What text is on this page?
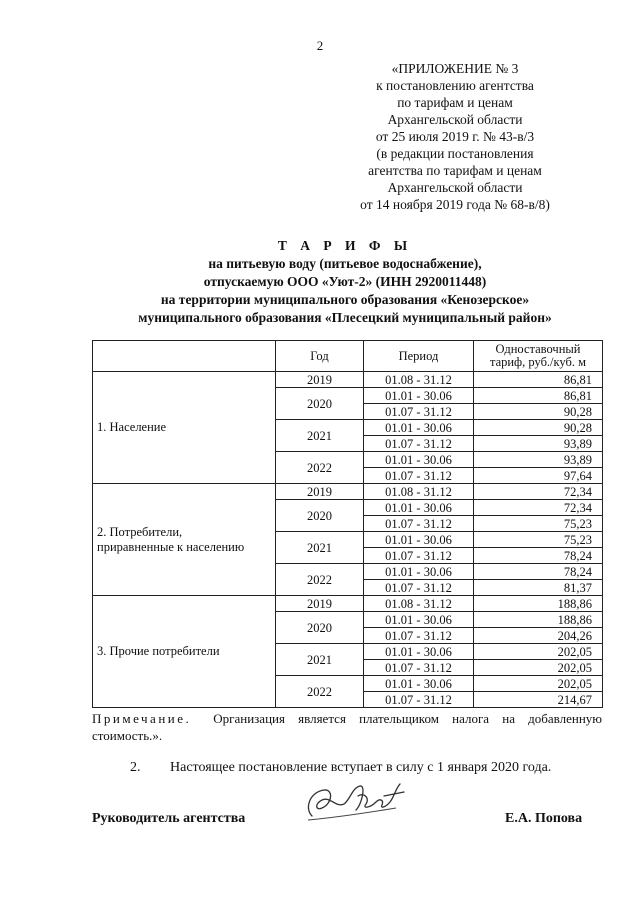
2
«ПРИЛОЖЕНИЕ № 3
к постановлению агентства
по тарифам и ценам
Архангельской области
от 25 июля 2019 г. № 43-в/3
(в редакции постановления
агентства по тарифам и ценам
Архангельской области
от 14 ноября 2019 года № 68-в/8)
Т А Р И Ф Ы
на питьевую воду (питьевое водоснабжение),
отпускаемую ООО «Уют-2» (ИНН 2920011448)
на территории муниципального образования «Кенозерское»
муниципального образования «Плесецкий муниципальный район»
	Год	Период	Одноставочный
тариф, руб./куб. м

1. Население	2019	01.08 - 31.12	86,81
	2020	01.01 - 30.06	86,81
		01.07 - 31.12	90,28
	2021	01.01 - 30.06	90,28
		01.07 - 31.12	93,89
	2022	01.01 - 30.06	93,89
		01.07 - 31.12	97,64

2. Потребители,
приравненные к населению	2019	01.08 - 31.12	72,34
	2020	01.01 - 30.06	72,34
		01.07 - 31.12	75,23
	2021	01.01 - 30.06	75,23
		01.07 - 31.12	78,24
	2022	01.01 - 30.06	78,24
		01.07 - 31.12	81,37

3. Прочие потребители	2019	01.08 - 31.12	188,86
	2020	01.01 - 30.06	188,86
		01.07 - 31.12	204,26
	2021	01.01 - 30.06	202,05
		01.07 - 31.12	202,05
	2022	01.01 - 30.06	202,05
		01.07 - 31.12	214,67
Примечание. Организация является плательщиком налога на добавленную стоимость.».
2. Настоящее постановление вступает в силу с 1 января 2020 года.
Руководитель агентства	Е.А. Попова
